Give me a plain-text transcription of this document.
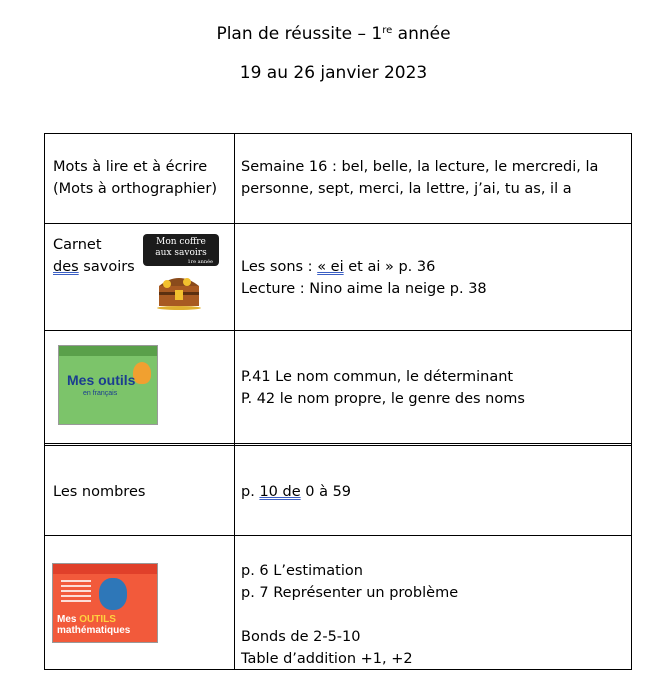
Plan de réussite – 1re année
19 au 26 janvier 2023
Mots à lire et à écrire
(Mots à orthographier)
Semaine 16 : bel, belle, la lecture, le mercredi, la
personne, sept, merci, la lettre, j’ai, tu as, il a
Carnet
des savoirs
Mon coffre
aux savoirs
1re année	Les sons : « ei et ai » p. 36
Lecture : Nino aime la neige p. 38
Mes outils
en français
P.41 Le nom commun, le déterminant
P. 42 le nom propre, le genre des noms
Les nombres	p. 10 de 0 à 59
Mes OUTILS
mathématiques
p. 6 L’estimation
p. 7 Représenter un problème
Bonds de 2-5-10
Table d’addition +1, +2
